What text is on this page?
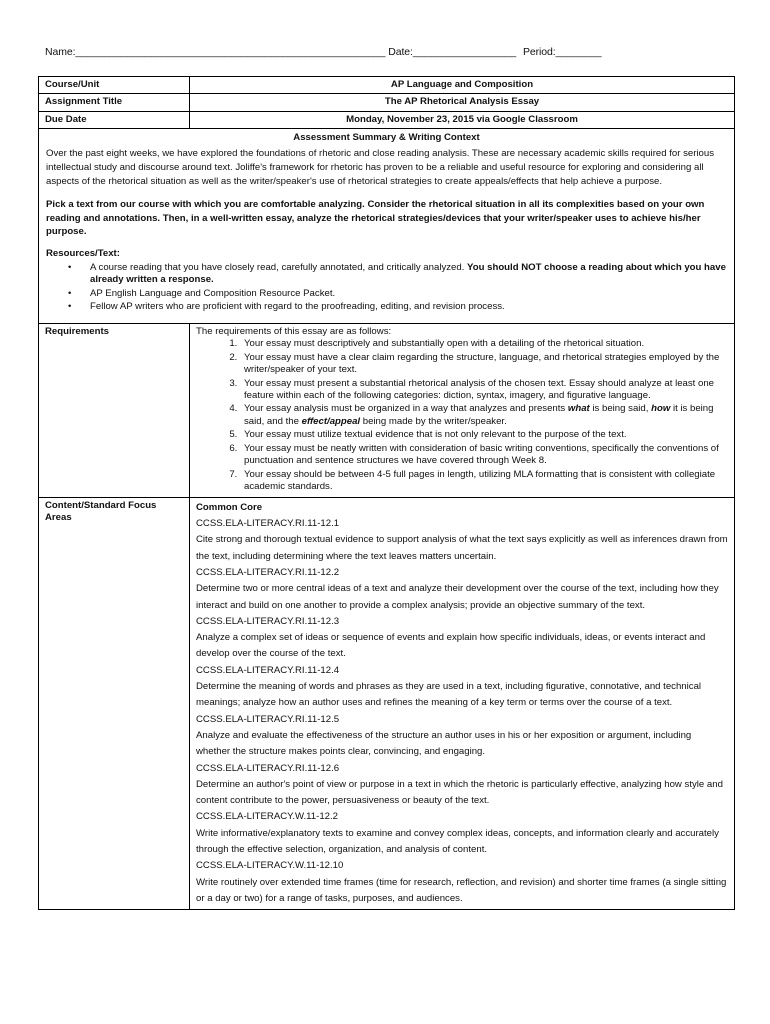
Name:______________________________________________________ Date:__________________ Period:________
Course/Unit	AP Language and Composition
Assignment Title	The AP Rhetorical Analysis Essay
Due Date	Monday, November 23, 2015 via Google Classroom
Assessment Summary & Writing Context

Over the past eight weeks, we have explored the foundations of rhetoric and close reading analysis. These are necessary academic skills required for serious intellectual study and discourse around text. Joliffe's framework for rhetoric has proven to be a reliable and useful resource for exploring and considering all aspects of the rhetorical situation as well as the writer/speaker's use of rhetorical strategies to create appeals/effects that help achieve a purpose.

Pick a text from our course with which you are comfortable analyzing. Consider the rhetorical situation in all its complexities based on your own reading and annotations. Then, in a well-written essay, analyze the rhetorical strategies/devices that your writer/speaker uses to achieve his/her purpose.

Resources/Text:
• A course reading that you have closely read, carefully annotated, and critically analyzed. You should NOT choose a reading about which you have already written a response.
• AP English Language and Composition Resource Packet.
• Fellow AP writers who are proficient with regard to the proofreading, editing, and revision process.
Requirements	The requirements of this essay are as follows:
1. Your essay must descriptively and substantially open with a detailing of the rhetorical situation.
2. Your essay must have a clear claim regarding the structure, language, and rhetorical strategies employed by the writer/speaker of your text.
3. Your essay must present a substantial rhetorical analysis of the chosen text. Essay should analyze at least one feature within each of the following categories: diction, syntax, imagery, and figurative language.
4. Your essay analysis must be organized in a way that analyzes and presents what is being said, how it is being said, and the effect/appeal being made by the writer/speaker.
5. Your essay must utilize textual evidence that is not only relevant to the purpose of the text.
6. Your essay must be neatly written with consideration of basic writing conventions, specifically the conventions of punctuation and sentence structures we have covered through Week 8.
7. Your essay should be between 4-5 full pages in length, utilizing MLA formatting that is consistent with collegiate academic standards.
Content/Standard Focus Areas
Common Core
CCSS.ELA-LITERACY.RI.11-12.1
Cite strong and thorough textual evidence to support analysis of what the text says explicitly as well as inferences drawn from the text, including determining where the text leaves matters uncertain.
CCSS.ELA-LITERACY.RI.11-12.2
Determine two or more central ideas of a text and analyze their development over the course of the text, including how they interact and build on one another to provide a complex analysis; provide an objective summary of the text.
CCSS.ELA-LITERACY.RI.11-12.3
Analyze a complex set of ideas or sequence of events and explain how specific individuals, ideas, or events interact and develop over the course of the text.
CCSS.ELA-LITERACY.RI.11-12.4
Determine the meaning of words and phrases as they are used in a text, including figurative, connotative, and technical meanings; analyze how an author uses and refines the meaning of a key term or terms over the course of a text.
CCSS.ELA-LITERACY.RI.11-12.5
Analyze and evaluate the effectiveness of the structure an author uses in his or her exposition or argument, including whether the structure makes points clear, convincing, and engaging.
CCSS.ELA-LITERACY.RI.11-12.6
Determine an author's point of view or purpose in a text in which the rhetoric is particularly effective, analyzing how style and content contribute to the power, persuasiveness or beauty of the text.
CCSS.ELA-LITERACY.W.11-12.2
Write informative/explanatory texts to examine and convey complex ideas, concepts, and information clearly and accurately through the effective selection, organization, and analysis of content.
CCSS.ELA-LITERACY.W.11-12.10
Write routinely over extended time frames (time for research, reflection, and revision) and shorter time frames (a single sitting or a day or two) for a range of tasks, purposes, and audiences.
